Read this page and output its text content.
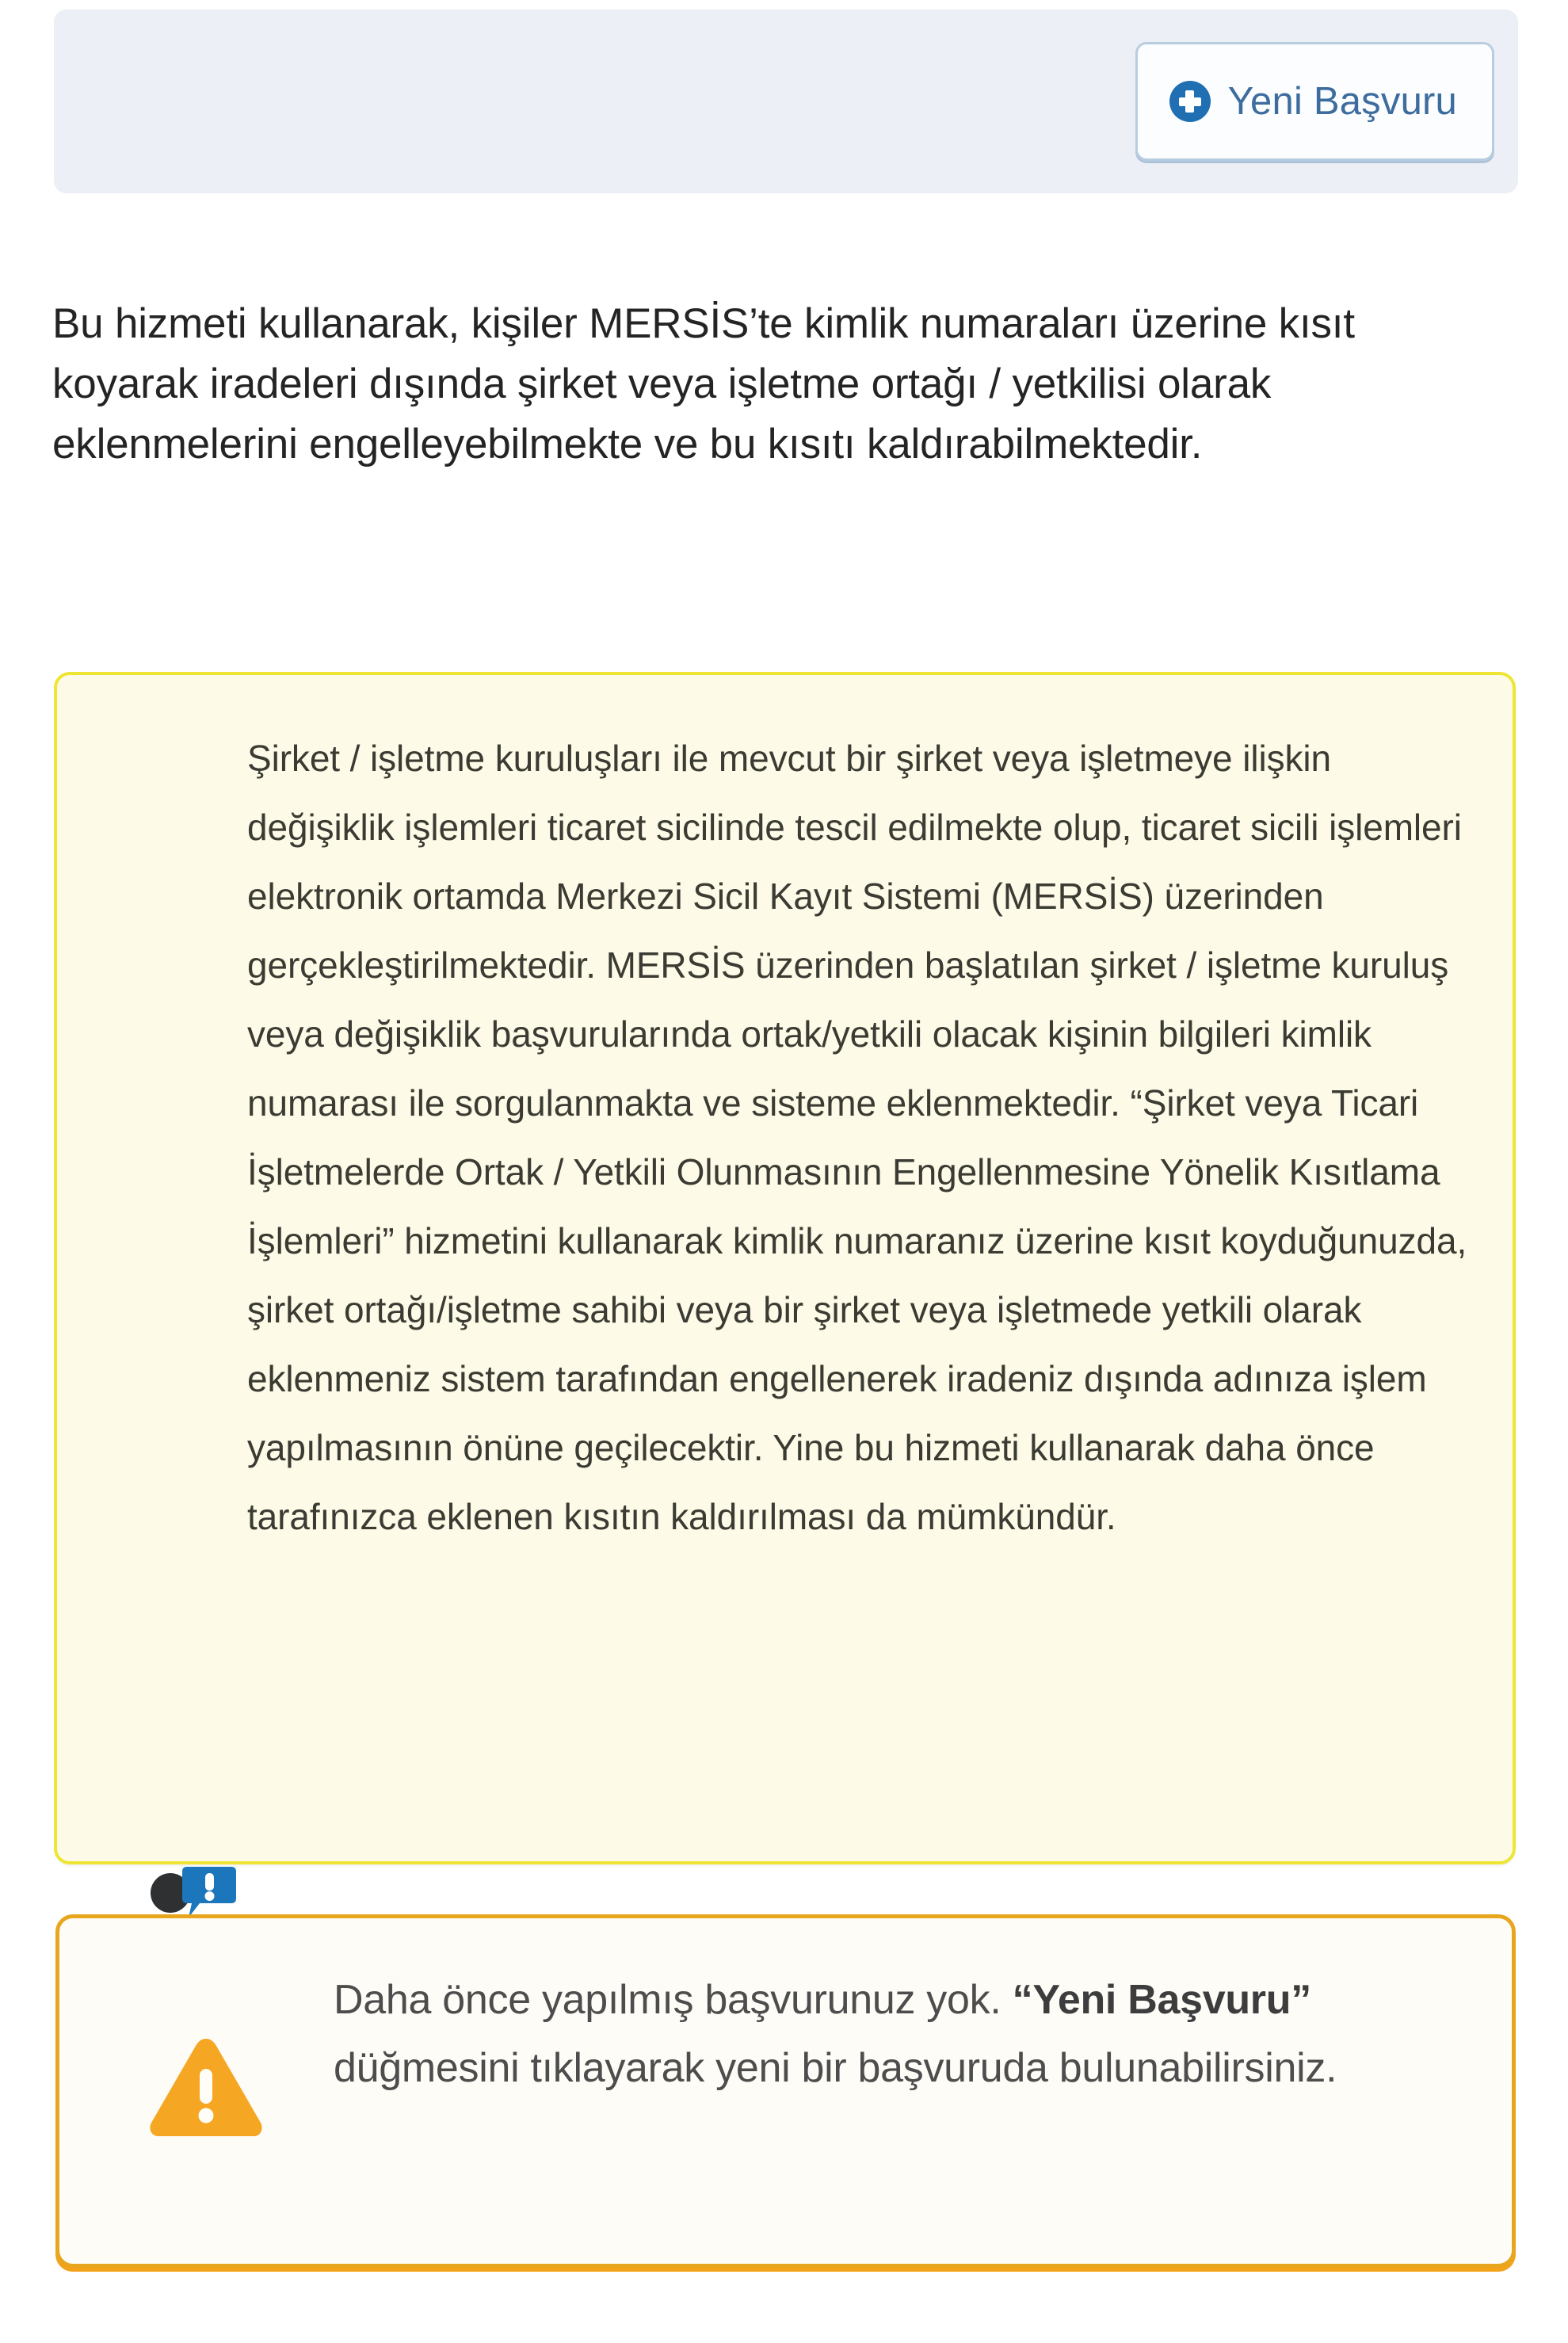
Yeni Başvuru

Bu hizmeti kullanarak, kişiler MERSİS’te kimlik numaraları üzerine kısıt koyarak iradeleri dışında şirket veya işletme ortağı / yetkilisi olarak eklenmelerini engelleyebilmekte ve bu kısıtı kaldırabilmektedir.

Şirket / işletme kuruluşları ile mevcut bir şirket veya işletmeye ilişkin değişiklik işlemleri ticaret sicilinde tescil edilmekte olup, ticaret sicili işlemleri elektronik ortamda Merkezi Sicil Kayıt Sistemi (MERSİS) üzerinden gerçekleştirilmektedir. MERSİS üzerinden başlatılan şirket / işletme kuruluş veya değişiklik başvurularında ortak/yetkili olacak kişinin bilgileri kimlik numarası ile sorgulanmakta ve sisteme eklenmektedir. “Şirket veya Ticari İşletmelerde Ortak / Yetkili Olunmasının Engellenmesine Yönelik Kısıtlama İşlemleri” hizmetini kullanarak kimlik numaranız üzerine kısıt koyduğunuzda, şirket ortağı/işletme sahibi veya bir şirket veya işletmede yetkili olarak eklenmeniz sistem tarafından engellenerek iradeniz dışında adınıza işlem yapılmasının önüne geçilecektir. Yine bu hizmeti kullanarak daha önce tarafınızca eklenen kısıtın kaldırılması da mümkündür.
Daha önce yapılmış başvurunuz yok. “Yeni Başvuru” düğmesini tıklayarak yeni bir başvuruda bulunabilirsiniz.
